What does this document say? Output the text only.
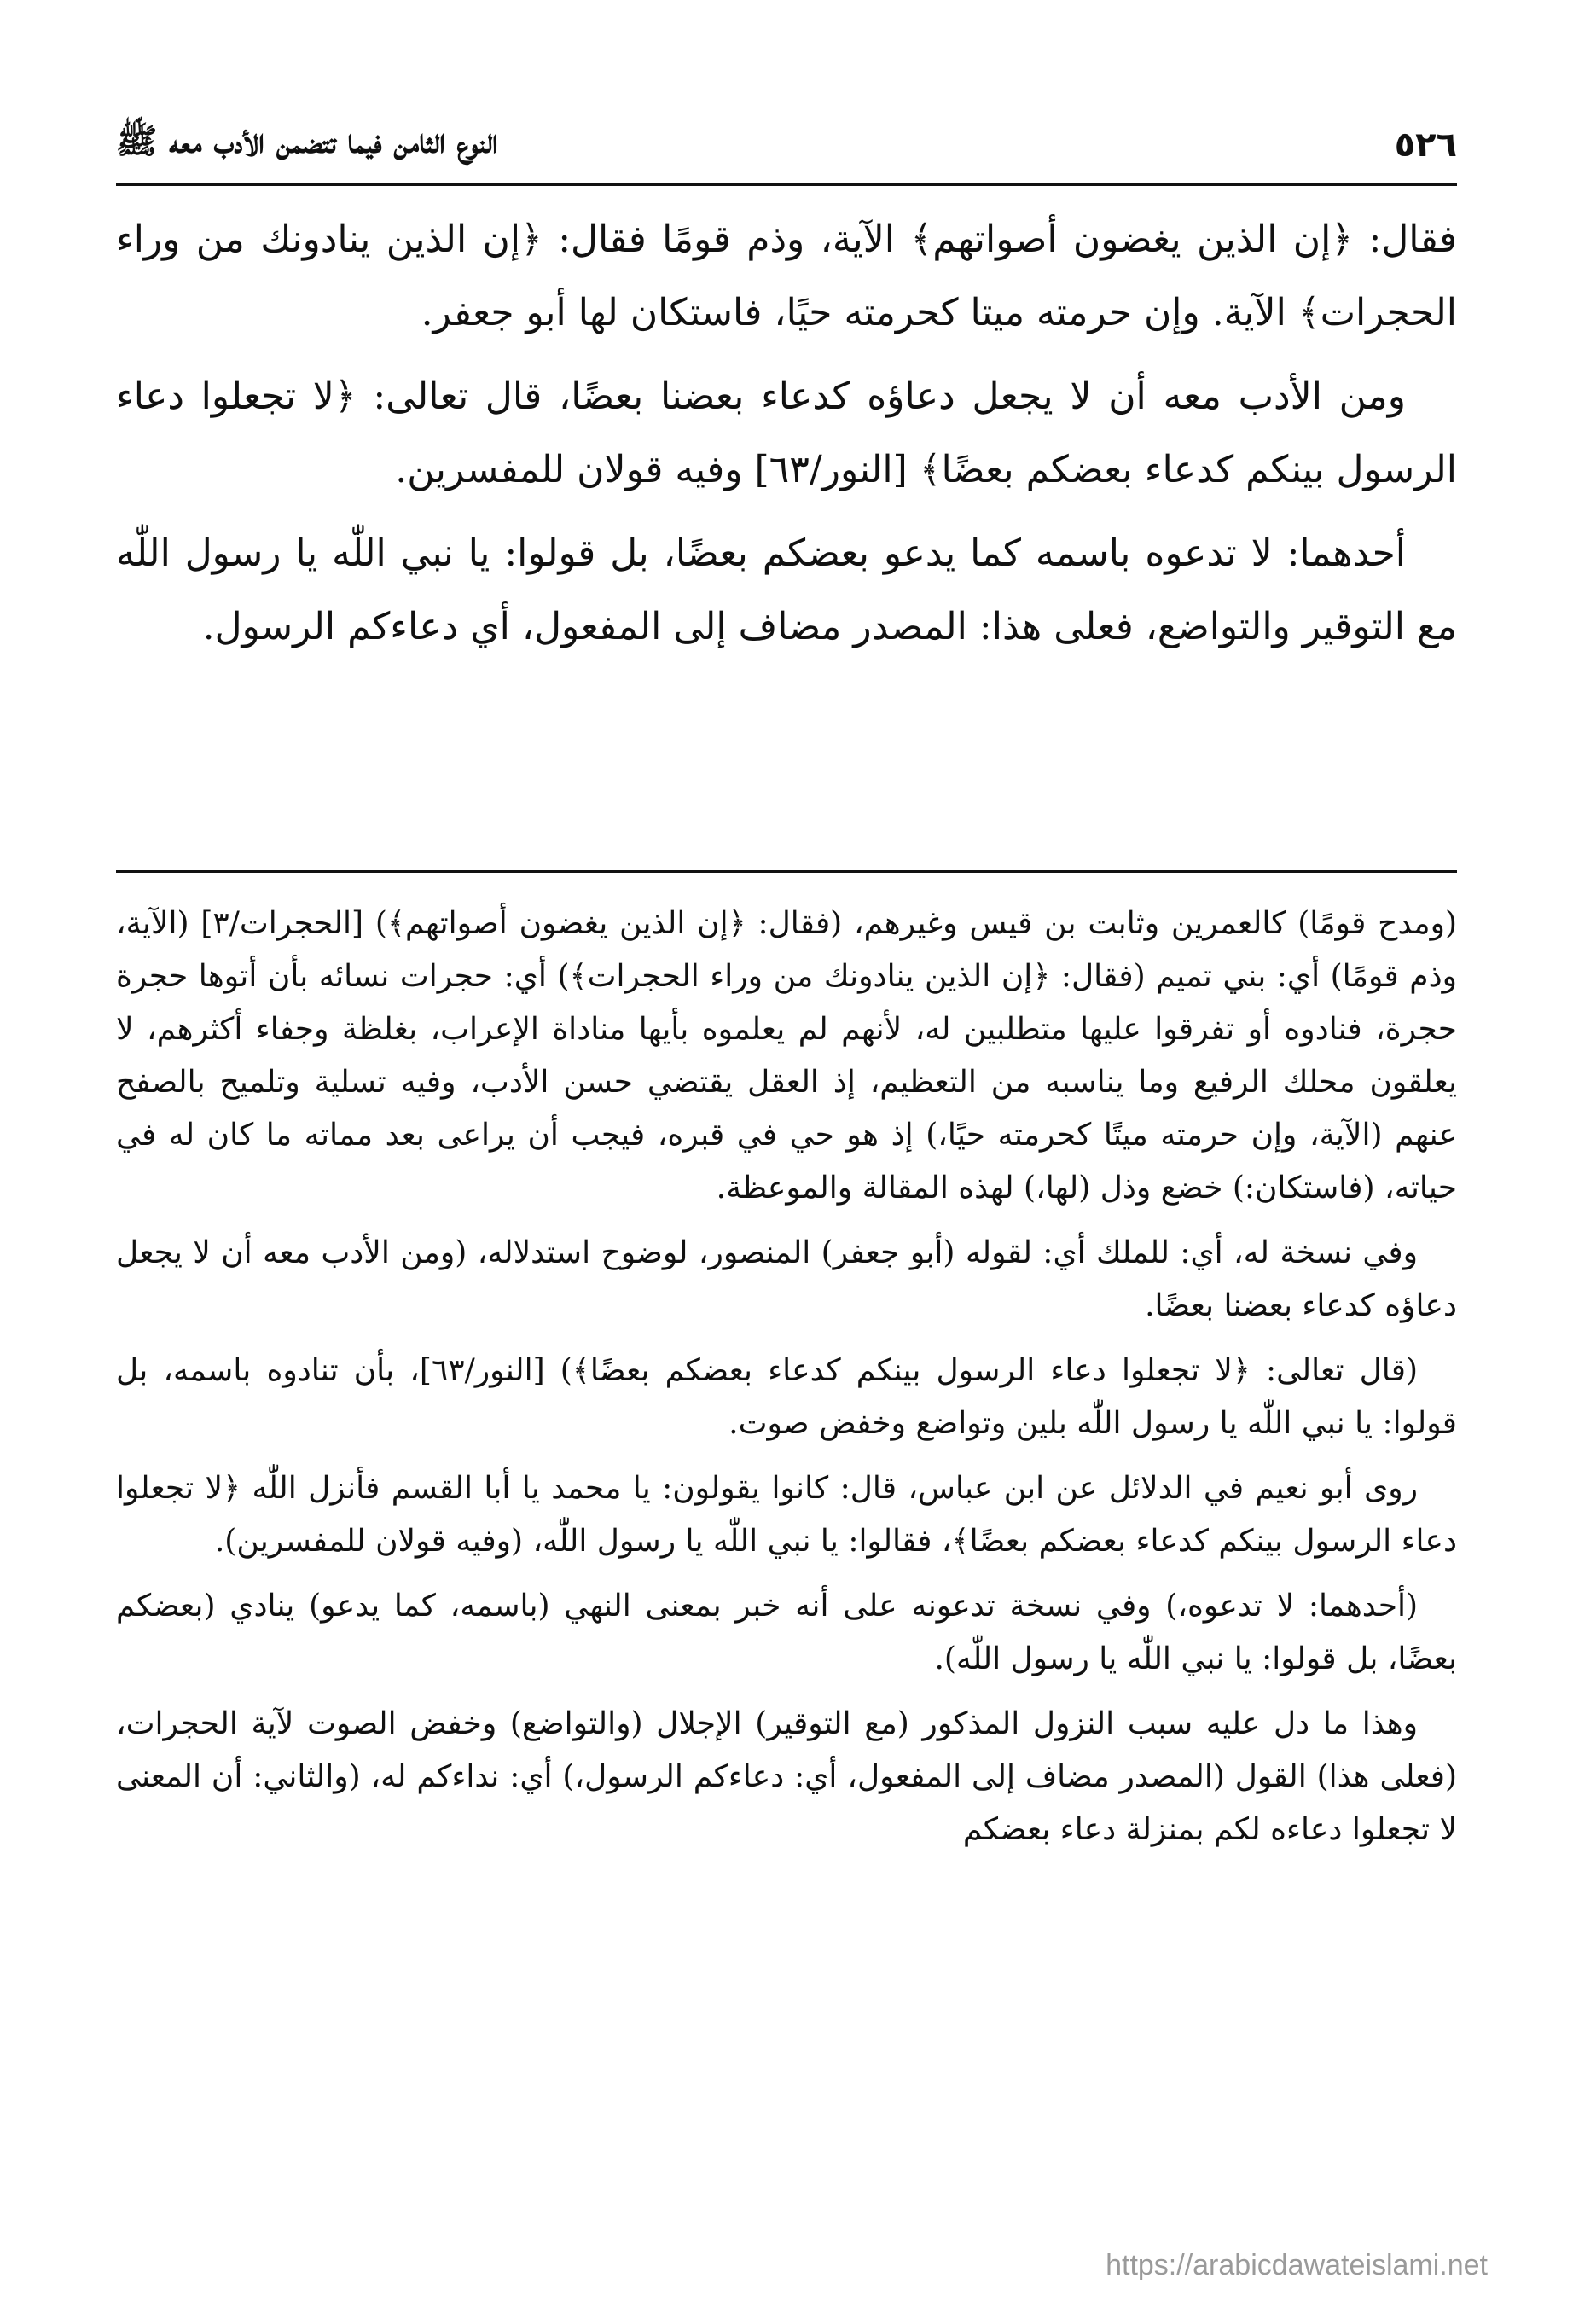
٥٢٦
النوع الثامن فيما تتضمن الأدب معه ﷺ

فقال: ﴿إن الذين يغضون أصواتهم﴾ الآية، وذم قومًا فقال: ﴿إن الذين ينادونك من وراء الحجرات﴾ الآية. وإن حرمته ميتا كحرمته حيًا، فاستكان لها أبو جعفر.

ومن الأدب معه أن لا يجعل دعاؤه كدعاء بعضنا بعضًا، قال تعالى: ﴿لا تجعلوا دعاء الرسول بينكم كدعاء بعضكم بعضًا﴾ [النور/٦٣] وفيه قولان للمفسرين.

أحدهما: لا تدعوه باسمه كما يدعو بعضكم بعضًا، بل قولوا: يا نبي اللّٰه يا رسول اللّٰه مع التوقير والتواضع، فعلى هذا: المصدر مضاف إلى المفعول، أي دعاءكم الرسول.

(ومدح قومًا) كالعمرين وثابت بن قيس وغيرهم، (فقال: ﴿إن الذين يغضون أصواتهم﴾) [الحجرات/٣] (الآية، وذم قومًا) أي: بني تميم (فقال: ﴿إن الذين ينادونك من وراء الحجرات﴾) أي: حجرات نسائه بأن أتوها حجرة حجرة، فنادوه أو تفرقوا عليها متطلبين له، لأنهم لم يعلموه بأيها مناداة الإعراب، بغلظة وجفاء أكثرهم، لا يعلقون محلك الرفيع وما يناسبه من التعظيم، إذ العقل يقتضي حسن الأدب، وفيه تسلية وتلميح بالصفح عنهم (الآية، وإن حرمته ميتًا كحرمته حيًا،) إذ هو حي في قبره، فيجب أن يراعى بعد مماته ما كان له في حياته، (فاستكان:) خضع وذل (لها،) لهذه المقالة والموعظة.

وفي نسخة له، أي: للملك أي: لقوله (أبو جعفر) المنصور، لوضوح استدلاله، (ومن الأدب معه أن لا يجعل دعاؤه كدعاء بعضنا بعضًا.

(قال تعالى: ﴿لا تجعلوا دعاء الرسول بينكم كدعاء بعضكم بعضًا﴾) [النور/٦٣]، بأن تنادوه باسمه، بل قولوا: يا نبي اللّٰه يا رسول اللّٰه بلين وتواضع وخفض صوت.

روى أبو نعيم في الدلائل عن ابن عباس، قال: كانوا يقولون: يا محمد يا أبا القسم فأنزل اللّٰه ﴿لا تجعلوا دعاء الرسول بينكم كدعاء بعضكم بعضًا﴾، فقالوا: يا نبي اللّٰه يا رسول اللّٰه، (وفيه قولان للمفسرين).

(أحدهما: لا تدعوه،) وفي نسخة تدعونه على أنه خبر بمعنى النهي (باسمه، كما يدعو) ينادي (بعضكم بعضًا، بل قولوا: يا نبي اللّٰه يا رسول اللّٰه).

وهذا ما دل عليه سبب النزول المذكور (مع التوقير) الإجلال (والتواضع) وخفض الصوت لآية الحجرات، (فعلى هذا) القول (المصدر مضاف إلى المفعول، أي: دعاءكم الرسول،) أي: نداءكم له، (والثاني: أن المعنى لا تجعلوا دعاءه لكم بمنزلة دعاء بعضكم

https://arabicdawateislami.net
